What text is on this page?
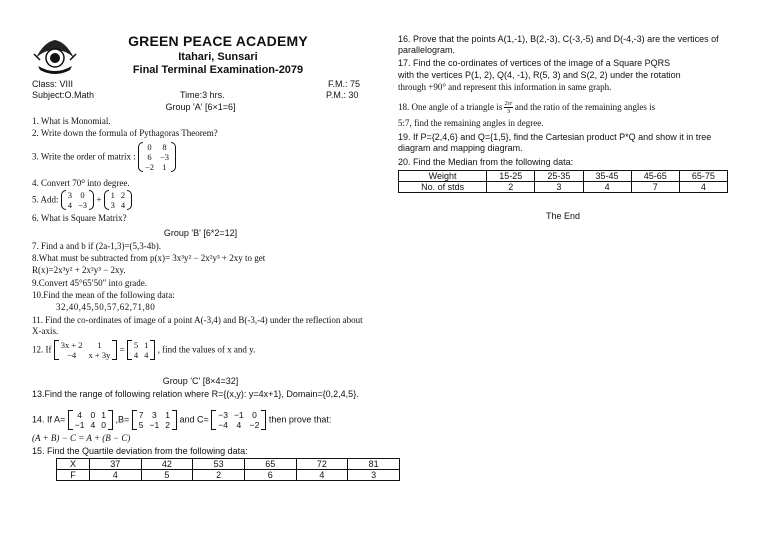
GREEN PEACE ACADEMY
Itahari, Sunsari
Final Terminal Examination-2079
Class: VIII	F.M.: 75
Subject:O.Math	Time:3 hrs.	P.M.: 30
Group 'A' [6×1=6]
1. What is Monomial.
2. Write down the formula of Pythagoras Theorem?
3. Write the order of matrix :
0	8
6	−3
−2	1
4. Convert 70⁰ into degree.
5. Add: 3	0
4	−3
+ 1	2
3	4
6. What is Square Matrix?
Group 'B' [6*2=12]
7. Find a and b if (2a-1,3)=(5,3-4b).
8.What must be subtracted from p(x)= 3x³y² − 2x²y³ + 2xy to get
R(x)=2x³y² + 2x²y³ − 2xy.
9.Convert 45°65′50″ into grade.
10.Find the mean of the following data:
32,40,45,50,57,62,71,80
11. Find the co-ordinates of image of a point A(-3,4) and B(-3,-4) under the reflection about X-axis.
12. If 3x + 2	1
−4	x + 3y
= 5	1
4	4
, find the values of x and y.
Group 'C' [8×4=32]
13.Find the range of following relation where R={(x,y): y=4x+1}, Domain={0,2,4,5}.
14. If A= 4	0	1
−1	4	0
,B= 7	3	1
5	−1	2
and C= −3	−1	0
−4	4	−2
then prove that:
(A + B) − C = A + (B − C)
15. Find the Quartile deviation from the following data:
X	37	42	53	65	72	81
F	4	5	2	6	4	3
16. Prove that the points A(1,-1), B(2,-3), C(-3,-5) and D(-4,-3) are the vertices of parallelogram.
17. Find the co-ordinates of vertices of the image of a Square PQRS
with the vertices P(1, 2), Q(4, -1), R(5, 3) and S(2, 2) under the rotation
through +90° and represent this information in same graph.
18. One angle of a triangle is $\frac{\text{2πᶜ}}{3}$ and the ratio of the remaining angles is
5:7, find the remaining angles in degree.
19. If P={2,4,6} and Q={1,5}, find the Cartesian product P*Q and show it in tree diagram and mapping diagram.
20. Find the Median from the following data:
Weight	15-25	25-35	35-45	45-65	65-75
No. of stds	2	3	4	7	4
The End
